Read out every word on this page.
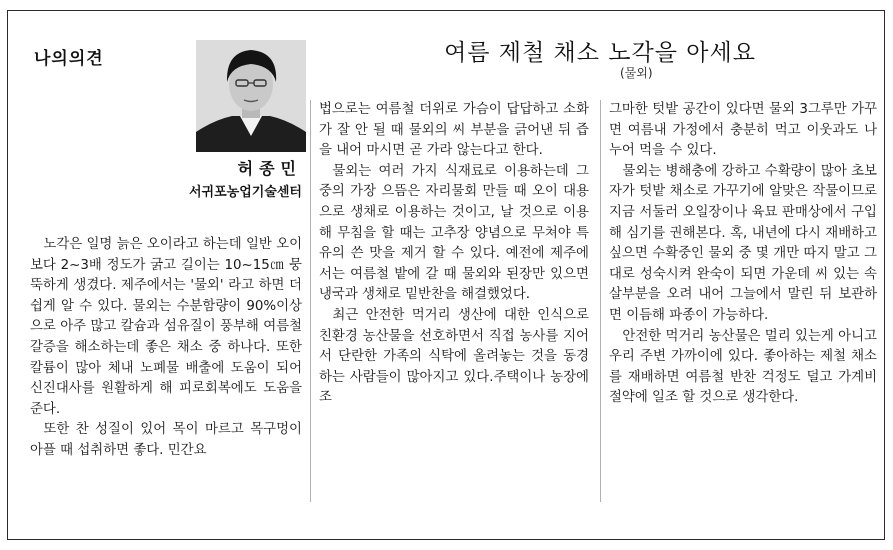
나의의견
허종민
서귀포농업기술센터
여름 제철 채소 노각을 아세요
(물외)

노각은 일명 늙은 오이라고 하는데 일반 오이보다 2~3배 정도가 굵고 길이는 10~15㎝ 뭉뚝하게 생겼다. 제주에서는 '물외' 라고 하면 더 쉽게 알 수 있다. 물외는 수분함량이 90%이상으로 아주 많고 칼슘과 섬유질이 풍부해 여름철 갈증을 해소하는데 좋은 채소 중 하나다. 또한 칼륨이 많아 체내 노폐물 배출에 도움이 되어 신진대사를 원활하게 해 피로회복에도 도움을 준다.

또한 찬 성질이 있어 목이 마르고 목구멍이 아플 때 섭취하면 좋다. 민간요

법으로는 여름철 더위로 가슴이 답답하고 소화가 잘 안 될 때 물외의 씨 부분을 긁어낸 뒤 즙을 내어 마시면 곧 가라 않는다고 한다.

물외는 여러 가지 식재료로 이용하는데 그 중의 가장 으뜸은 자리물회 만들 때 오이 대용으로 생채로 이용하는 것이고, 날 것으로 이용해 무침을 할 때는 고추장 양념으로 무쳐야 특유의 쓴 맛을 제거 할 수 있다. 예전에 제주에서는 여름철 밭에 갈 때 물외와 된장만 있으면 냉국과 생채로 밑반찬을 해결했었다.

최근 안전한 먹거리 생산에 대한 인식으로 친환경 농산물을 선호하면서 직접 농사를 지어서 단란한 가족의 식탁에 올려놓는 것을 동경하는 사람들이 많아지고 있다.주택이나 농장에 조

그마한 텃밭 공간이 있다면 물외 3그루만 가꾸면 여름내 가정에서 충분히 먹고 이웃과도 나누어 먹을 수 있다.

물외는 병해충에 강하고 수확량이 많아 초보자가 텃밭 채소로 가꾸기에 알맞은 작물이므로 지금 서둘러 오일장이나 육묘 판매상에서 구입해 심기를 권해본다. 혹, 내년에 다시 재배하고 싶으면 수확중인 물외 중 몇 개만 따지 말고 그대로 성숙시켜 완숙이 되면 가운데 씨 있는 속살부분을 오려 내어 그늘에서 말린 뒤 보관하면 이듬해 파종이 가능하다.

안전한 먹거리 농산물은 멀리 있는게 아니고 우리 주변 가까이에 있다. 좋아하는 제철 채소를 재배하면 여름철 반찬 걱정도 덜고 가계비 절약에 일조 할 것으로 생각한다.
